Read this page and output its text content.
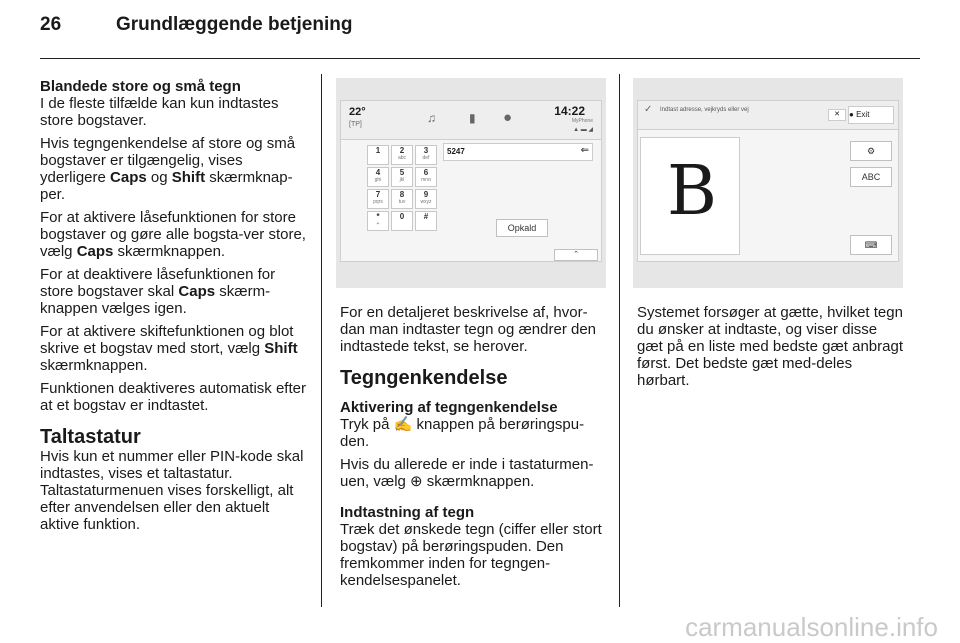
26	Grundlæggende betjening

Blandede store og små tegn

I de fleste tilfælde kan kun indtastes store bogstaver.

Hvis tegngenkendelse af store og små bogstaver er tilgængelig, vises yderligere Caps og Shift skærmknap-per.

For at aktivere låsefunktionen for store bogstaver og gøre alle bogsta-ver store, vælg Caps skærmknappen.

For at deaktivere låsefunktionen for store bogstaver skal Caps skærm-knappen vælges igen.

For at aktivere skiftefunktionen og blot skrive et bogstav med stort, vælg Shift skærmknappen.

Funktionen deaktiveres automatisk efter at et bogstav er indtastet.

Taltastatur

Hvis kun et nummer eller PIN-kode skal indtastes, vises et taltastatur. Taltastaturmenuen vises forskelligt, alt efter anvendelsen eller den aktuelt aktive funktion.

22°
[TP]	♫	▮ ●	14:22
MyPhone
▲ ▬ ◢
5247	⇐
1	2
abc
3
def
4
ghi
5
jkl
6
mno
7
pqrs
8
tuv
9
wxyz
*
+
0	#
Opkald
⌃
✓ Indtast adresse, vejkryds eller vej
✕	● Exit
B
⚙
ABC
⌨

For en detaljeret beskrivelse af, hvor-dan man indtaster tegn og ændrer den indtastede tekst, se herover.

Tegngenkendelse

Aktivering af tegngenkendelse

Tryk på ✍ knappen på berøringspu-den.

Hvis du allerede er inde i tastaturmen-uen, vælg ⊕ skærmknappen.

Indtastning af tegn

Træk det ønskede tegn (ciffer eller stort bogstav) på berøringspuden. Den fremkommer inden for tegngen-kendelsespanelet.

Systemet forsøger at gætte, hvilket tegn du ønsker at indtaste, og viser disse gæt på en liste med bedste gæt anbragt først. Det bedste gæt med-deles hørbart.

carmanualsonline.info
